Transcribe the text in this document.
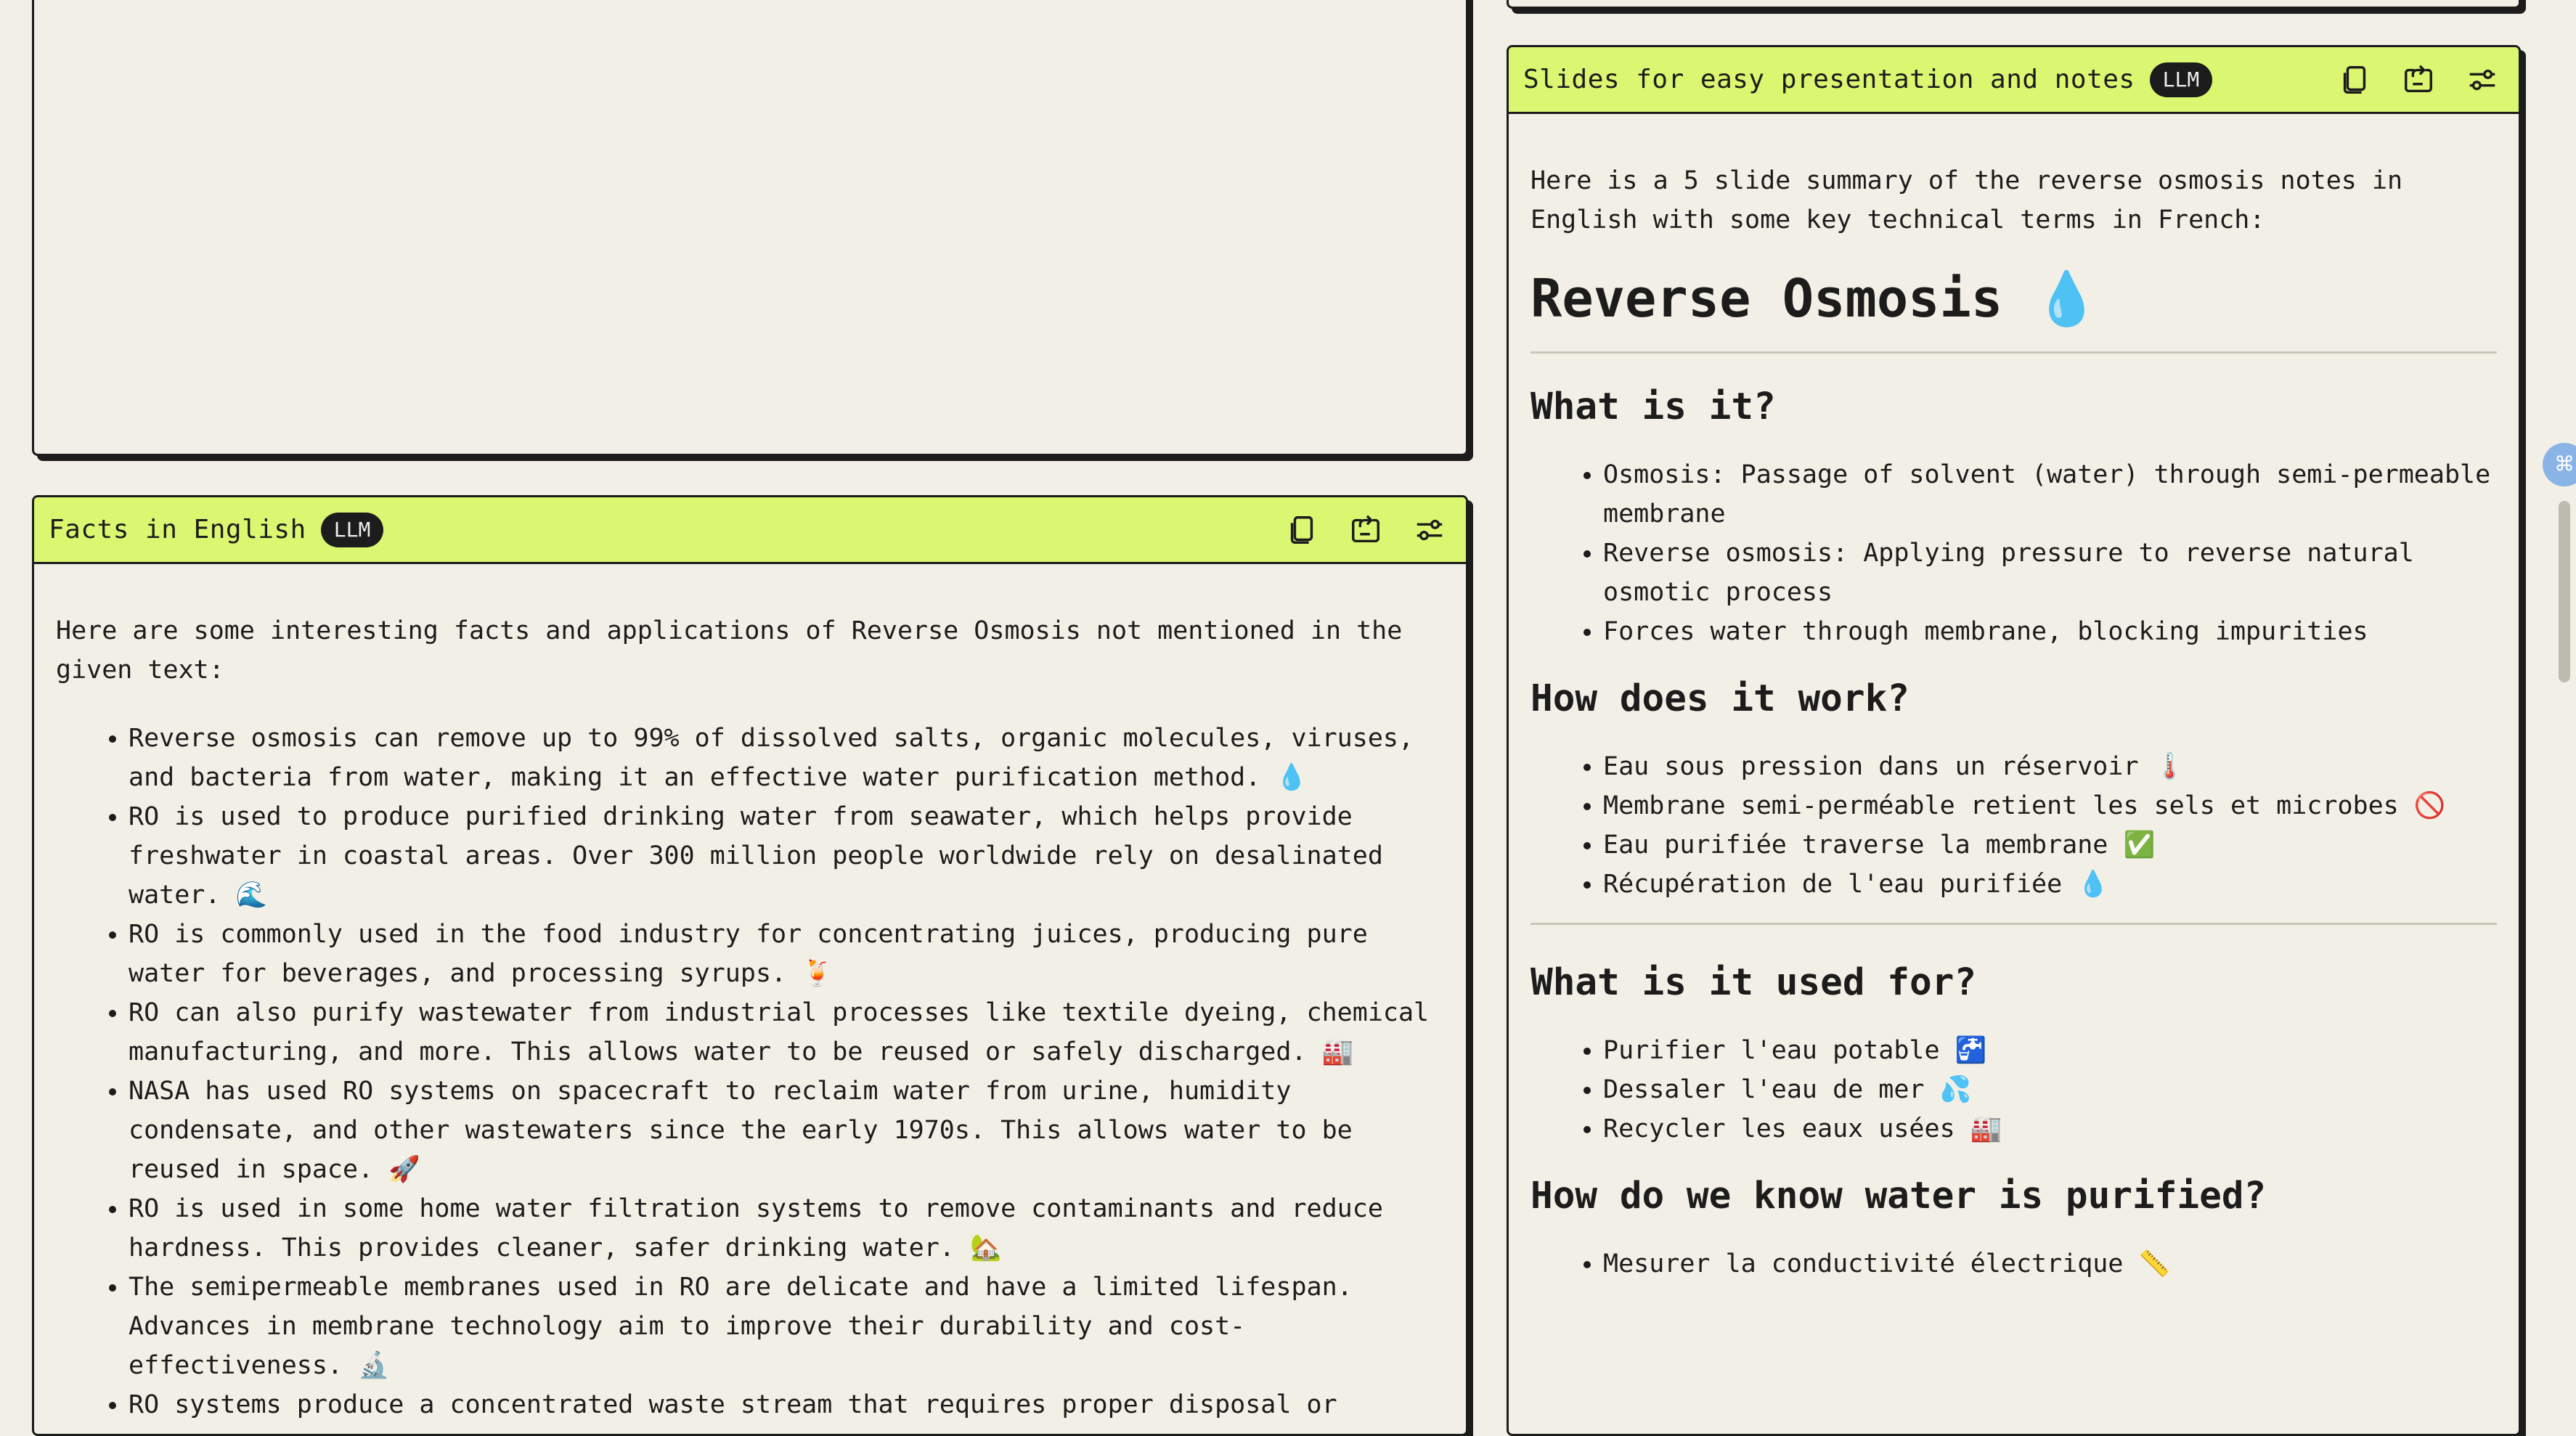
Facts in English	LLM

Here are some interesting facts and applications of Reverse Osmosis not mentioned in the given text:

• Reverse osmosis can remove up to 99% of dissolved salts, organic molecules, viruses, and bacteria from water, making it an effective water purification method. 💧
• RO is used to produce purified drinking water from seawater, which helps provide freshwater in coastal areas. Over 300 million people worldwide rely on desalinated water. 🌊
• RO is commonly used in the food industry for concentrating juices, producing pure water for beverages, and processing syrups. 🍹
• RO can also purify wastewater from industrial processes like textile dyeing, chemical manufacturing, and more. This allows water to be reused or safely discharged. 🏭
• NASA has used RO systems on spacecraft to reclaim water from urine, humidity condensate, and other wastewaters since the early 1970s. This allows water to be reused in space. 🚀
• RO is used in some home water filtration systems to remove contaminants and reduce hardness. This provides cleaner, safer drinking water. 🏡
• The semipermeable membranes used in RO are delicate and have a limited lifespan. Advances in membrane technology aim to improve their durability and cost-effectiveness. 🔬
• RO systems produce a concentrated waste stream that requires proper disposal or
Slides for easy presentation and notes	LLM

Here is a 5 slide summary of the reverse osmosis notes in English with some key technical terms in French:

Reverse Osmosis 💧
What is it?
• Osmosis: Passage of solvent (water) through semi-permeable membrane
• Reverse osmosis: Applying pressure to reverse natural osmotic process
• Forces water through membrane, blocking impurities
How does it work?
• Eau sous pression dans un réservoir 🌡️
• Membrane semi-perméable retient les sels et microbes 🚫
• Eau purifiée traverse la membrane ✅
• Récupération de l'eau purifiée 💧
What is it used for?
• Purifier l'eau potable 🚰
• Dessaler l'eau de mer 💦
• Recycler les eaux usées 🏭
How do we know water is purified?
• Mesurer la conductivité électrique 📏
⌘
